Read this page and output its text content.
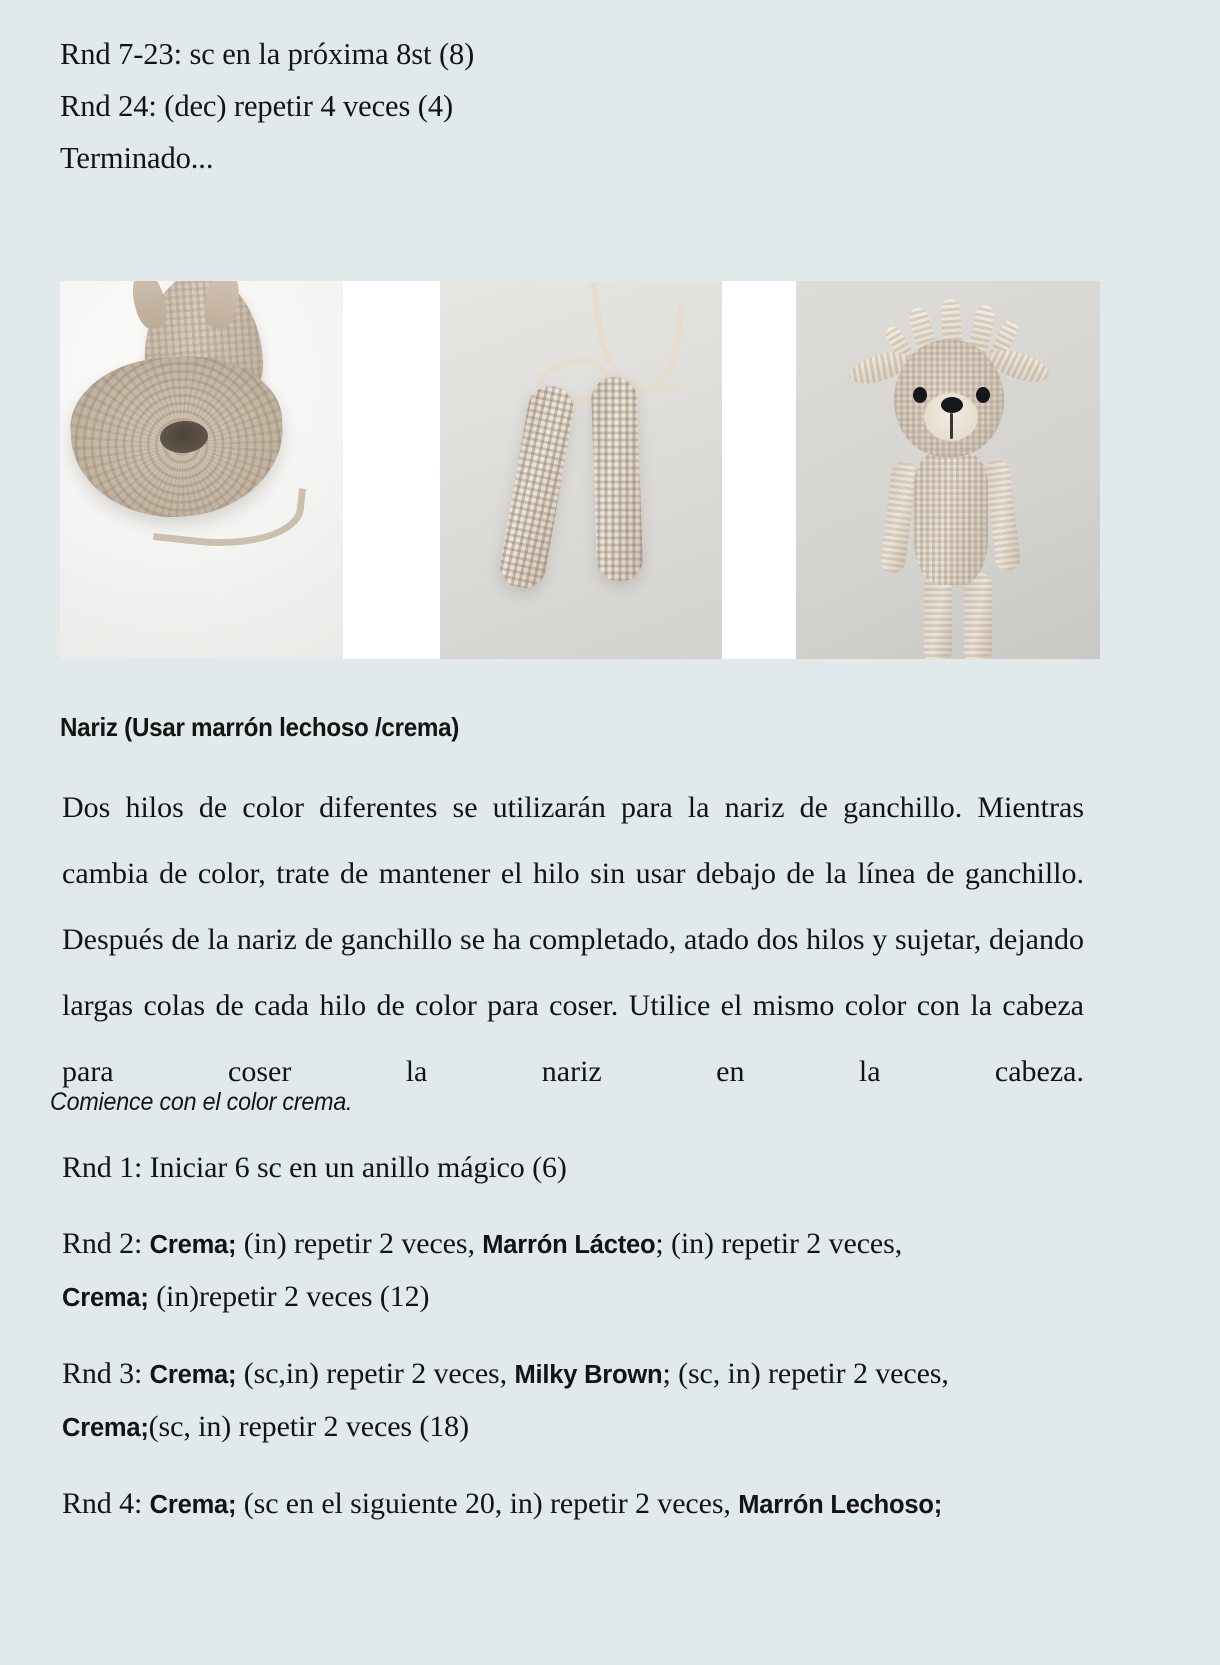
Rnd 7-23: sc en la próxima 8st (8)
Rnd 24: (dec) repetir 4 veces (4)
Terminado...
Nariz (Usar marrón lechoso /crema)
Dos hilos de color diferentes se utilizarán para la nariz de ganchillo. Mientras cambia de color, trate de mantener el hilo sin usar debajo de la línea de ganchillo. Después de la nariz de ganchillo se ha completado, atado dos hilos y sujetar, dejando largas colas de cada hilo de color para coser. Utilice el mismo color con la cabeza para coser la nariz en la cabeza.
Comience con el color crema.
Rnd 1: Iniciar 6 sc en un anillo mágico (6)
Rnd 2: Crema; (in) repetir 2 veces, Marrón Lácteo; (in) repetir 2 veces,
Crema; (in)repetir 2 veces (12)
Rnd 3: Crema; (sc,in) repetir 2 veces, Milky Brown; (sc, in) repetir 2 veces,
Crema;(sc, in) repetir 2 veces (18)
Rnd 4: Crema; (sc en el siguiente 20, in) repetir 2 veces, Marrón Lechoso;
